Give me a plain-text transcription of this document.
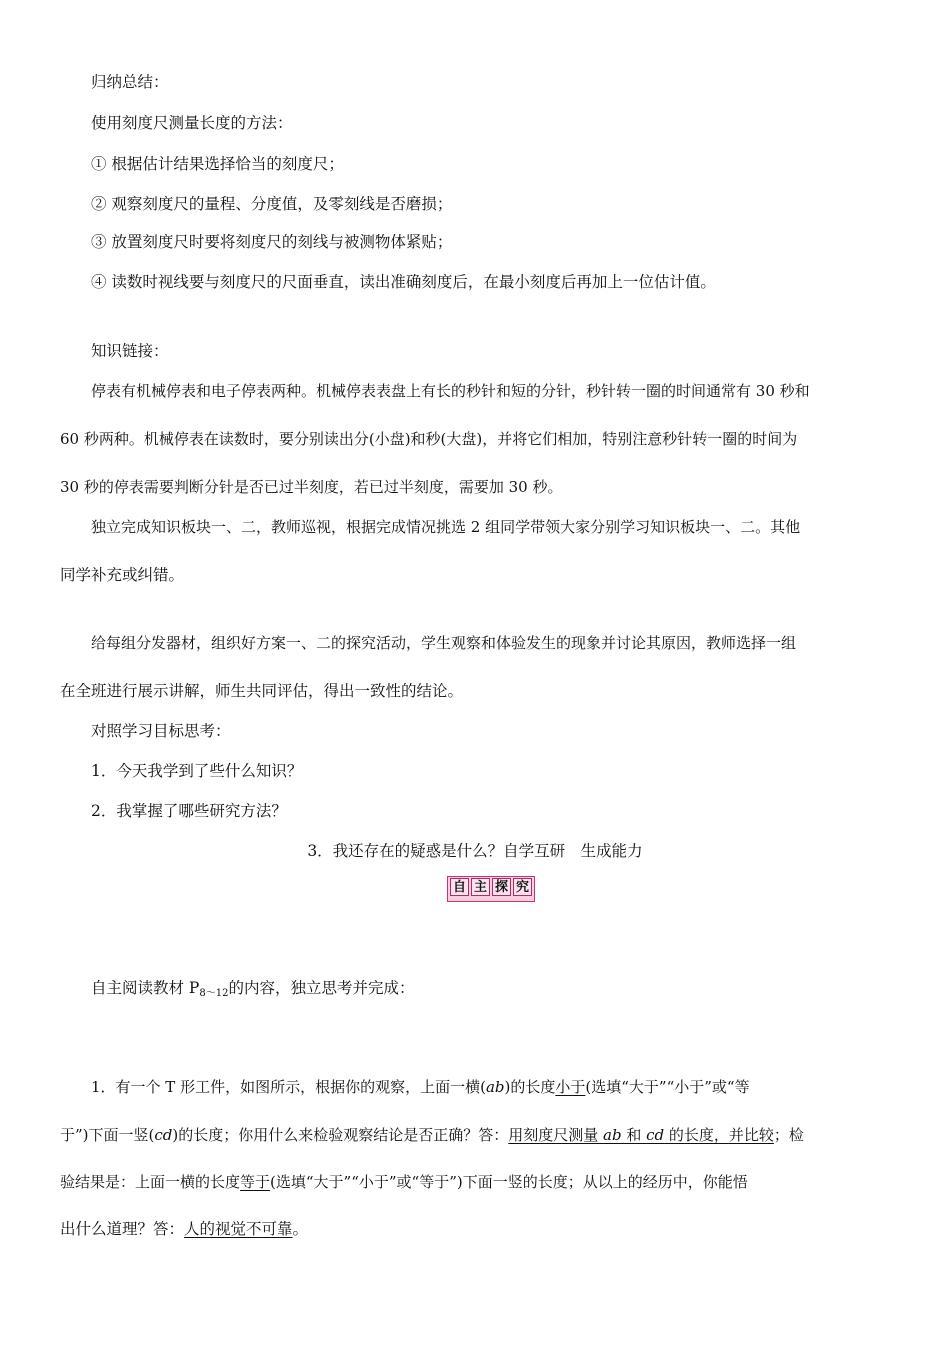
归纳总结：
使用刻度尺测量长度的方法：
① 根据估计结果选择恰当的刻度尺；
② 观察刻度尺的量程、分度值，及零刻线是否磨损；
③ 放置刻度尺时要将刻度尺的刻线与被测物体紧贴；
④ 读数时视线要与刻度尺的尺面垂直，读出准确刻度后，在最小刻度后再加上一位估计值。
知识链接：
停表有机械停表和电子停表两种。机械停表表盘上有长的秒针和短的分针，秒针转一圈的时间通常有 30 秒和
60 秒两种。机械停表在读数时，要分别读出分(小盘)和秒(大盘)，并将它们相加，特别注意秒针转一圈的时间为
30 秒的停表需要判断分针是否已过半刻度，若已过半刻度，需要加 30 秒。
独立完成知识板块一、二，教师巡视，根据完成情况挑选 2 组同学带领大家分别学习知识板块一、二。其他
同学补充或纠错。
给每组分发器材，组织好方案一、二的探究活动，学生观察和体验发生的现象并讨论其原因，教师选择一组
在全班进行展示讲解，师生共同评估，得出一致性的结论。
对照学习目标思考：
1．今天我学到了些什么知识？
2．我掌握了哪些研究方法？
3．我还存在的疑惑是什么？自学互研　生成能力
自 主 探 究
自主阅读教材 $P_{8\sim 12}$的内容，独立思考并完成：
1．有一个 T 形工件，如图所示，根据你的观察，上面一横(ab)的长度小于(选填“大于”“小于”或“等
于”)下面一竖(cd)的长度；你用什么来检验观察结论是否正确？答：用刻度尺测量 ab 和 cd 的长度，并比较；检
验结果是：上面一横的长度等于(选填“大于”“小于”或“等于”)下面一竖的长度；从以上的经历中，你能悟
出什么道理？答：人的视觉不可靠。
